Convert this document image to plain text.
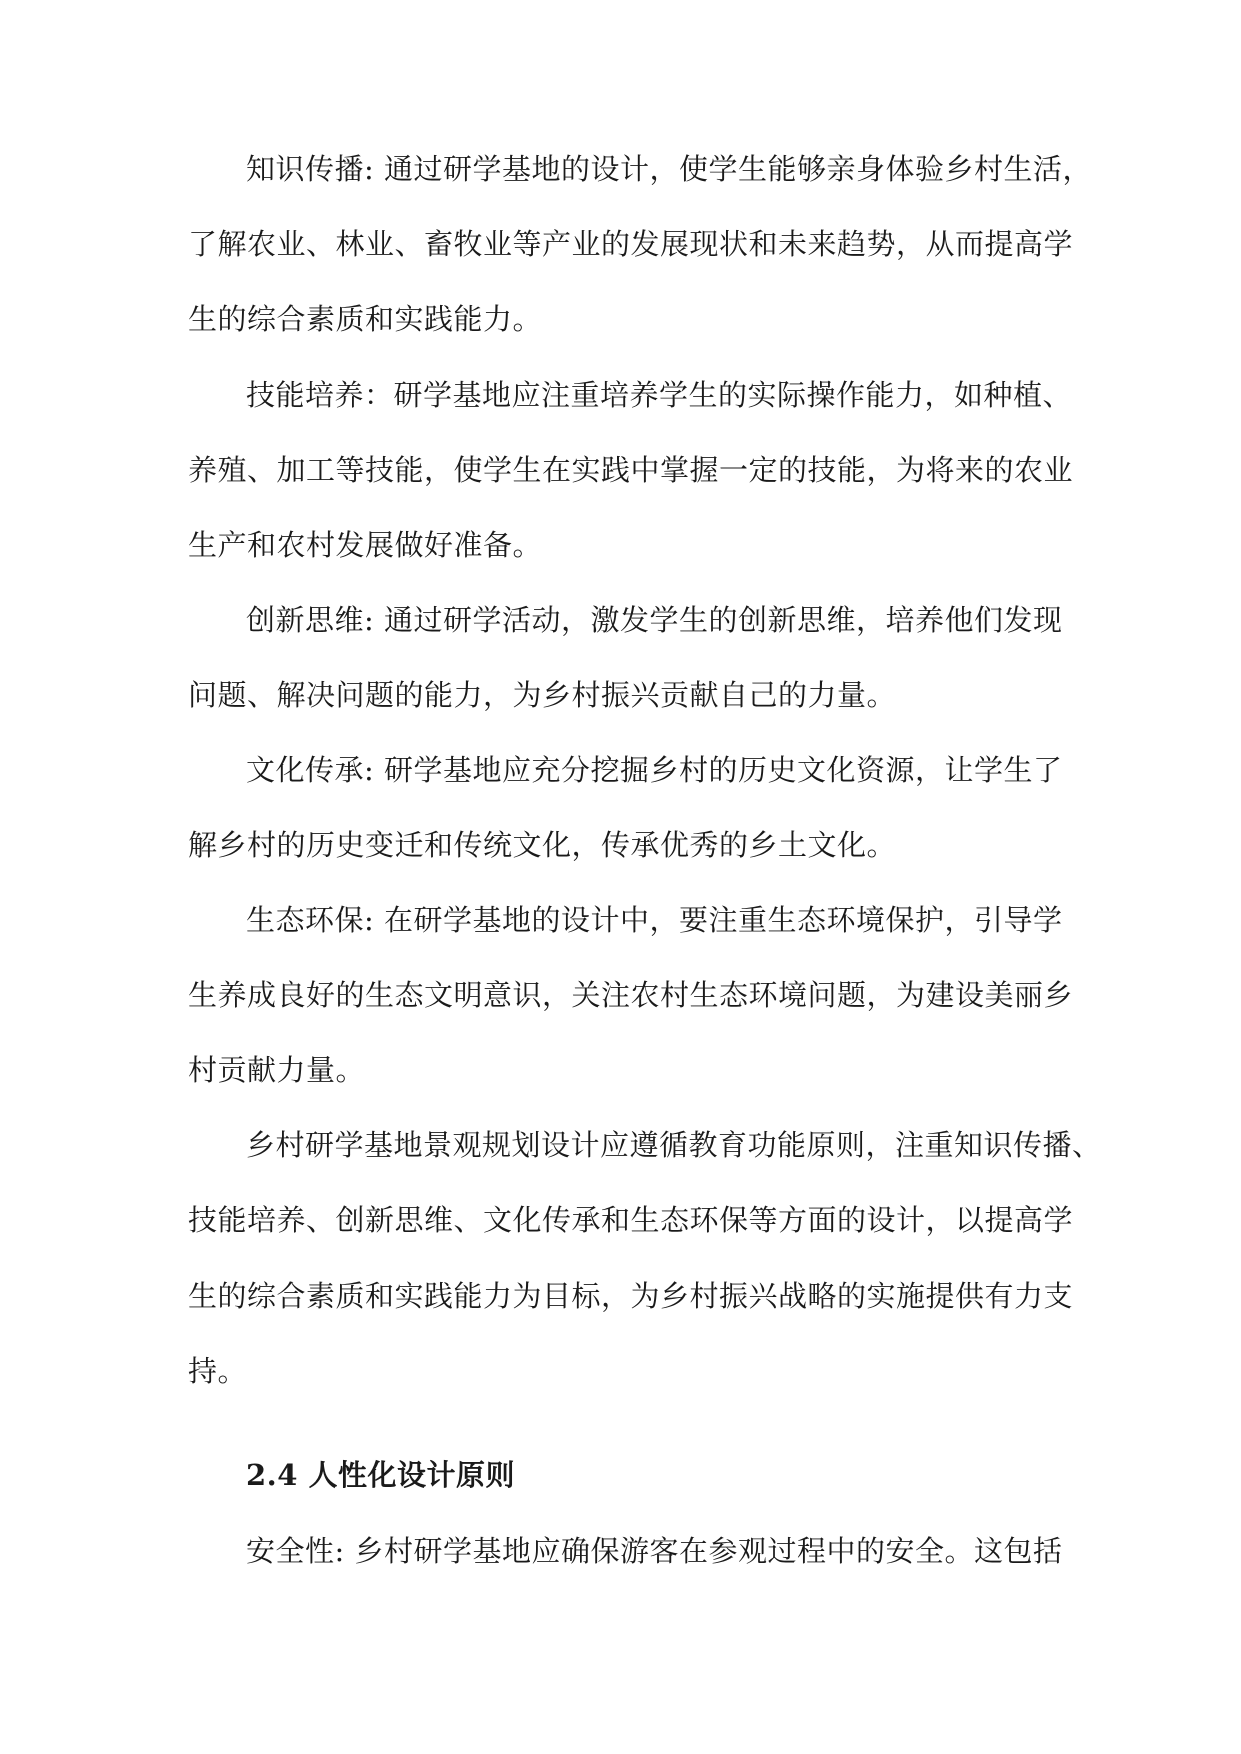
知识传播: 通过研学基地的设计，使学生能够亲身体验乡村生活，
了解农业、林业、畜牧业等产业的发展现状和未来趋势，从而提高学
生的综合素质和实践能力。
技能培养：研学基地应注重培养学生的实际操作能力，如种植、
养殖、加工等技能，使学生在实践中掌握一定的技能，为将来的农业
生产和农村发展做好准备。
创新思维: 通过研学活动，激发学生的创新思维，培养他们发现
问题、解决问题的能力，为乡村振兴贡献自己的力量。
文化传承: 研学基地应充分挖掘乡村的历史文化资源，让学生了
解乡村的历史变迁和传统文化，传承优秀的乡土文化。
生态环保: 在研学基地的设计中，要注重生态环境保护，引导学
生养成良好的生态文明意识，关注农村生态环境问题，为建设美丽乡
村贡献力量。
乡村研学基地景观规划设计应遵循教育功能原则，注重知识传播、
技能培养、创新思维、文化传承和生态环保等方面的设计，以提高学
生的综合素质和实践能力为目标，为乡村振兴战略的实施提供有力支
持。
2.4 人性化设计原则
安全性: 乡村研学基地应确保游客在参观过程中的安全。这包括
